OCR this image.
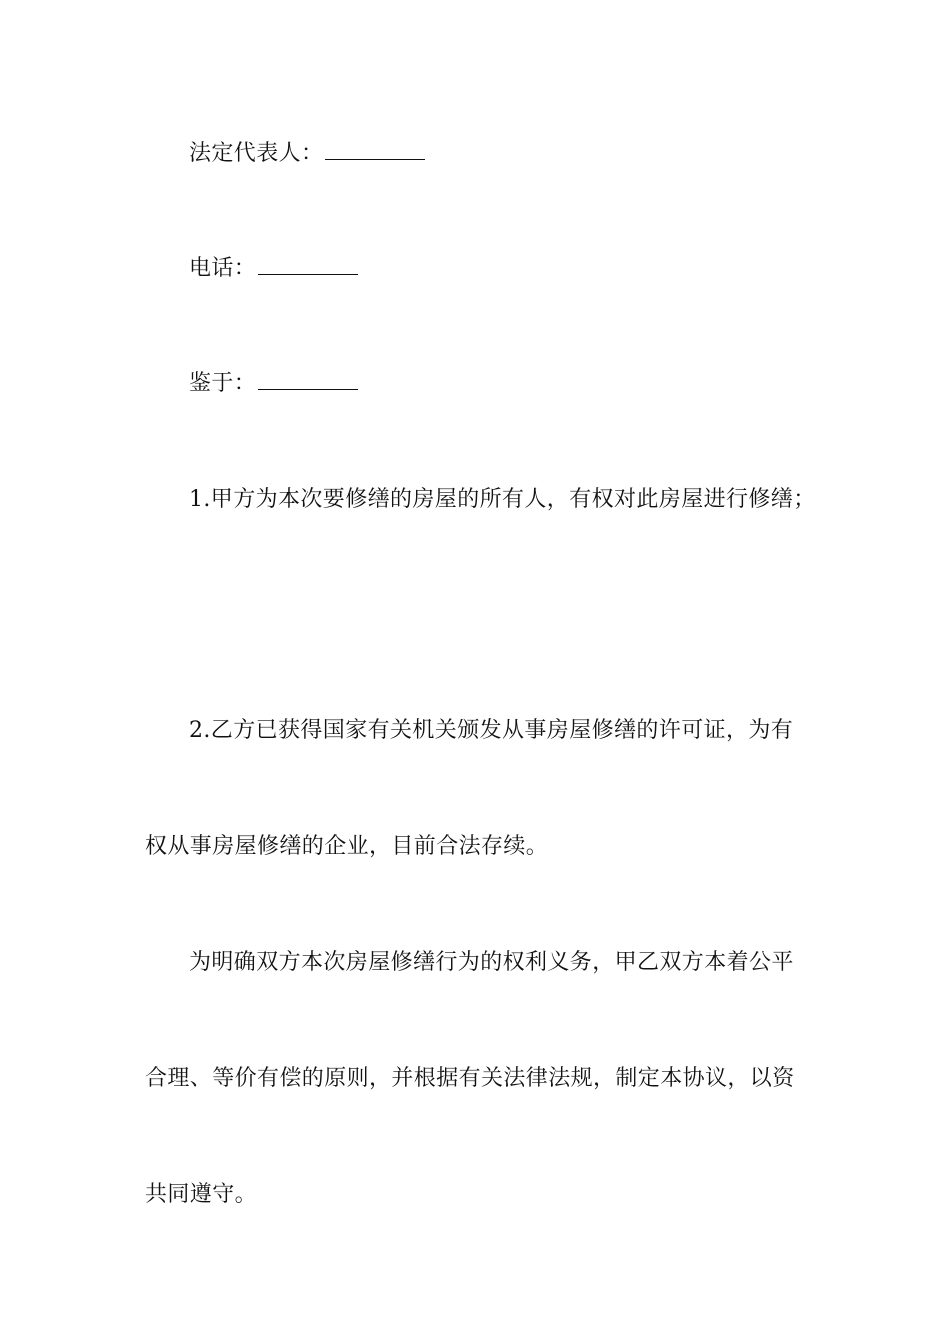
法定代表人：
电话：
鉴于：
1.甲方为本次要修缮的房屋的所有人，有权对此房屋进行修缮；
2.乙方已获得国家有关机关颁发从事房屋修缮的许可证，为有
权从事房屋修缮的企业，目前合法存续。
为明确双方本次房屋修缮行为的权利义务，甲乙双方本着公平
合理、等价有偿的原则，并根据有关法律法规，制定本协议，以资
共同遵守。
